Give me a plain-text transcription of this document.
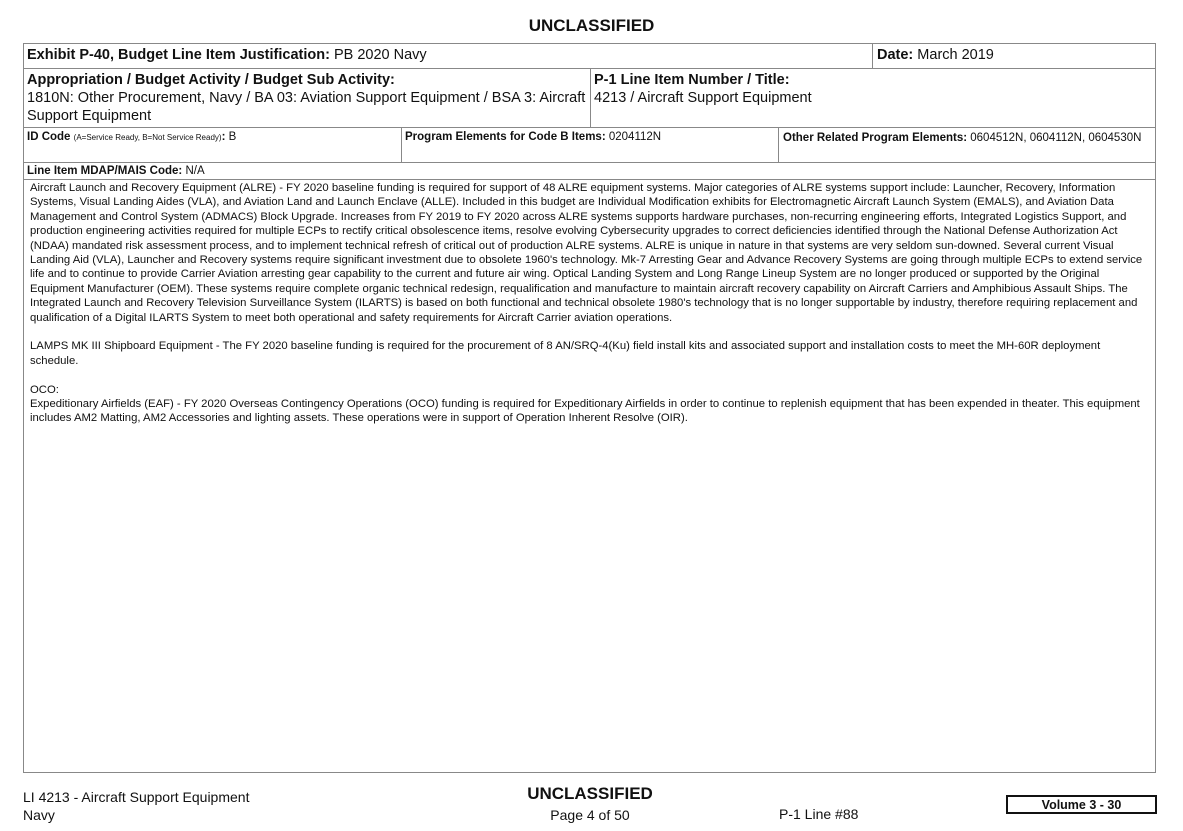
UNCLASSIFIED
Exhibit P-40, Budget Line Item Justification: PB 2020 Navy	Date: March 2019
Appropriation / Budget Activity / Budget Sub Activity:
1810N: Other Procurement, Navy / BA 03: Aviation Support Equipment / BSA 3: Aircraft Support Equipment
P-1 Line Item Number / Title:
4213 / Aircraft Support Equipment
ID Code (A=Service Ready, B=Not Service Ready): B	Program Elements for Code B Items: 0204112N	Other Related Program Elements: 0604512N, 0604112N, 0604530N
Line Item MDAP/MAIS Code: N/A

Aircraft Launch and Recovery Equipment (ALRE) - FY 2020 baseline funding is required for support of 48 ALRE equipment systems. Major categories of ALRE systems support include: Launcher, Recovery, Information Systems, Visual Landing Aides (VLA), and Aviation Land and Launch Enclave (ALLE). Included in this budget are Individual Modification exhibits for Electromagnetic Aircraft Launch System (EMALS), and Aviation Data Management and Control System (ADMACS) Block Upgrade. Increases from FY 2019 to FY 2020 across ALRE systems supports hardware purchases, non-recurring engineering efforts, Integrated Logistics Support, and production engineering activities required for multiple ECPs to rectify critical obsolescence items, resolve evolving Cybersecurity upgrades to correct deficiencies identified through the National Defense Authorization Act (NDAA) mandated risk assessment process, and to implement technical refresh of critical out of production ALRE systems. ALRE is unique in nature in that systems are very seldom sun-downed. Several current Visual Landing Aid (VLA), Launcher and Recovery systems require significant investment due to obsolete 1960's technology. Mk-7 Arresting Gear and Advance Recovery Systems are going through multiple ECPs to extend service life and to continue to provide Carrier Aviation arresting gear capability to the current and future air wing. Optical Landing System and Long Range Lineup System are no longer produced or supported by the Original Equipment Manufacturer (OEM). These systems require complete organic technical redesign, requalification and manufacture to maintain aircraft recovery capability on Aircraft Carriers and Amphibious Assault Ships. The Integrated Launch and Recovery Television Surveillance System (ILARTS) is based on both functional and technical obsolete 1980's technology that is no longer supportable by industry, therefore requiring replacement and qualification of a Digital ILARTS System to meet both operational and safety requirements for Aircraft Carrier aviation operations.

LAMPS MK III Shipboard Equipment - The FY 2020 baseline funding is required for the procurement of 8 AN/SRQ-4(Ku) field install kits and associated support and installation costs to meet the MH-60R deployment schedule.

OCO:

Expeditionary Airfields (EAF) - FY 2020 Overseas Contingency Operations (OCO) funding is required for Expeditionary Airfields in order to continue to replenish equipment that has been expended in theater. This equipment includes AM2 Matting, AM2 Accessories and lighting assets. These operations were in support of Operation Inherent Resolve (OIR).

LI 4213 - Aircraft Support Equipment
Navy
UNCLASSIFIED
Page 4 of 50	P-1 Line #88
Volume 3 - 30
